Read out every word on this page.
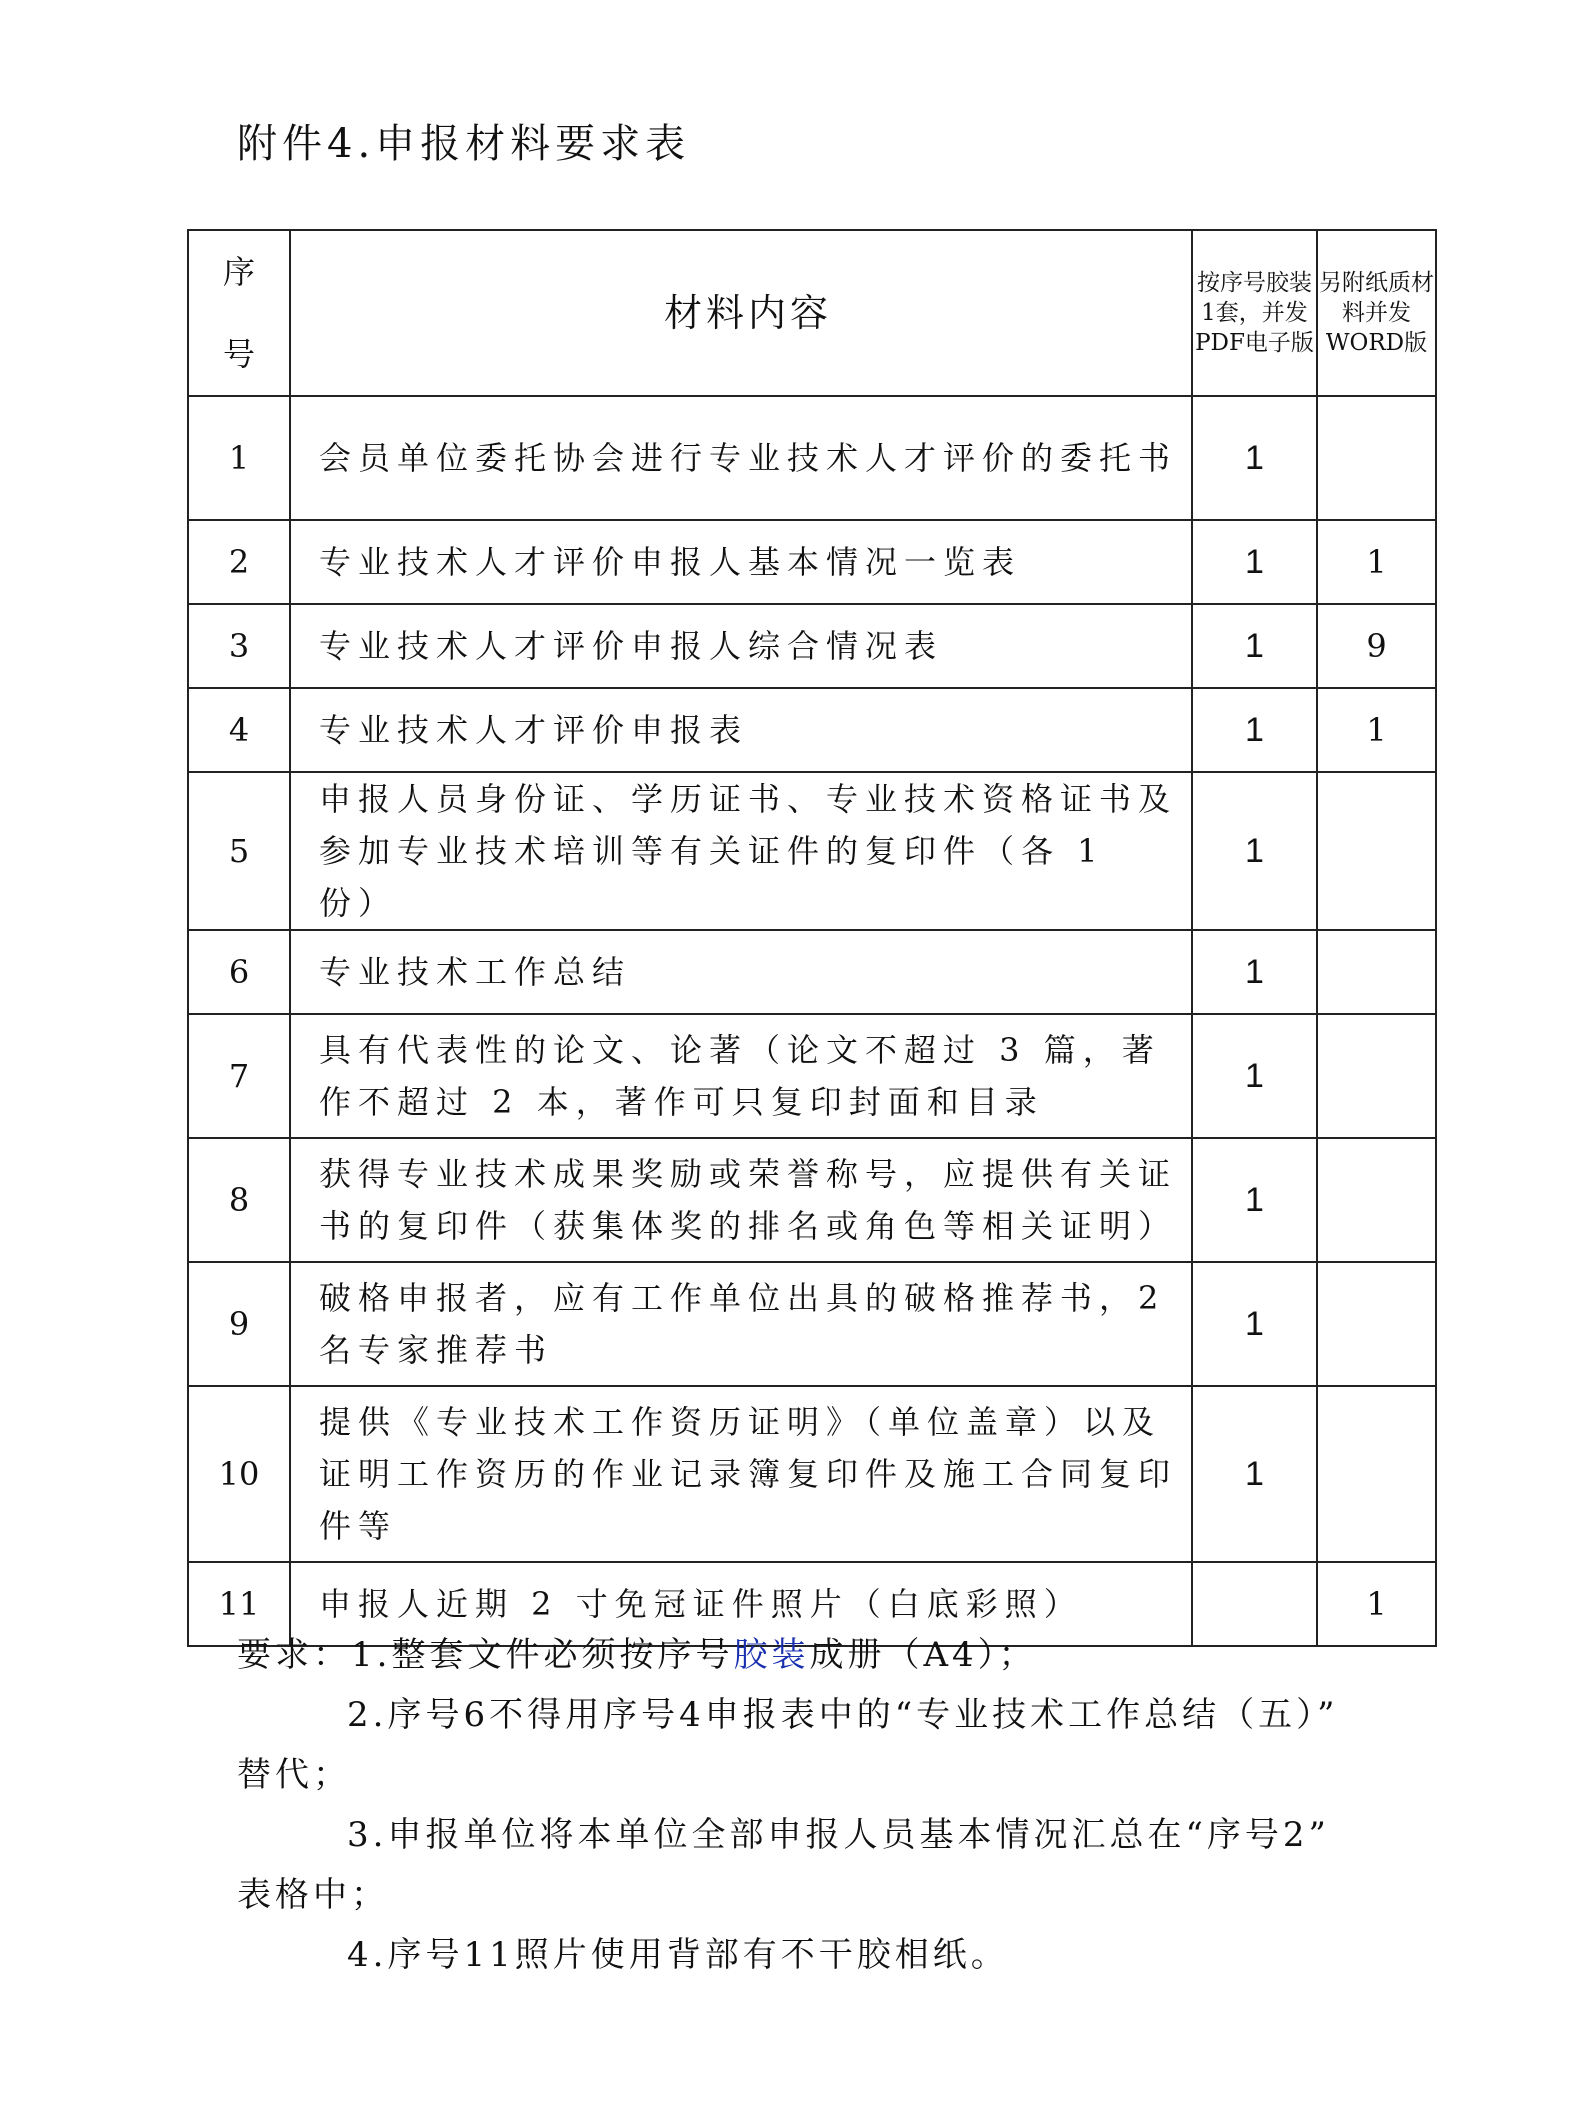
附件4.申报材料要求表
序
号	材料内容	按序号胶装1套，并发PDF电子版	另附纸质材料并发WORD版
1	会员单位委托协会进行专业技术人才评价的委托书	1	
2	专业技术人才评价申报人基本情况一览表	1	1
3	专业技术人才评价申报人综合情况表	1	9
4	专业技术人才评价申报表	1	1
5	申报人员身份证、学历证书、专业技术资格证书及参加专业技术培训等有关证件的复印件（各 1 份）	1	
6	专业技术工作总结	1	
7	具有代表性的论文、论著（论文不超过 3 篇，著作不超过 2 本，著作可只复印封面和目录	1	
8	获得专业技术成果奖励或荣誉称号，应提供有关证书的复印件（获集体奖的排名或角色等相关证明）	1	
9	破格申报者，应有工作单位出具的破格推荐书，2名专家推荐书	1	
10	提供《专业技术工作资历证明》（单位盖章）以及证明工作资历的作业记录簿复印件及施工合同复印件等	1	
11	申报人近期 2 寸免冠证件照片（白底彩照）		1
要求：1.整套文件必须按序号胶装成册（A4）；
2.序号6不得用序号4申报表中的“专业技术工作总结（五）”
替代；
3.申报单位将本单位全部申报人员基本情况汇总在“序号2”
表格中；
4.序号11照片使用背部有不干胶相纸。
